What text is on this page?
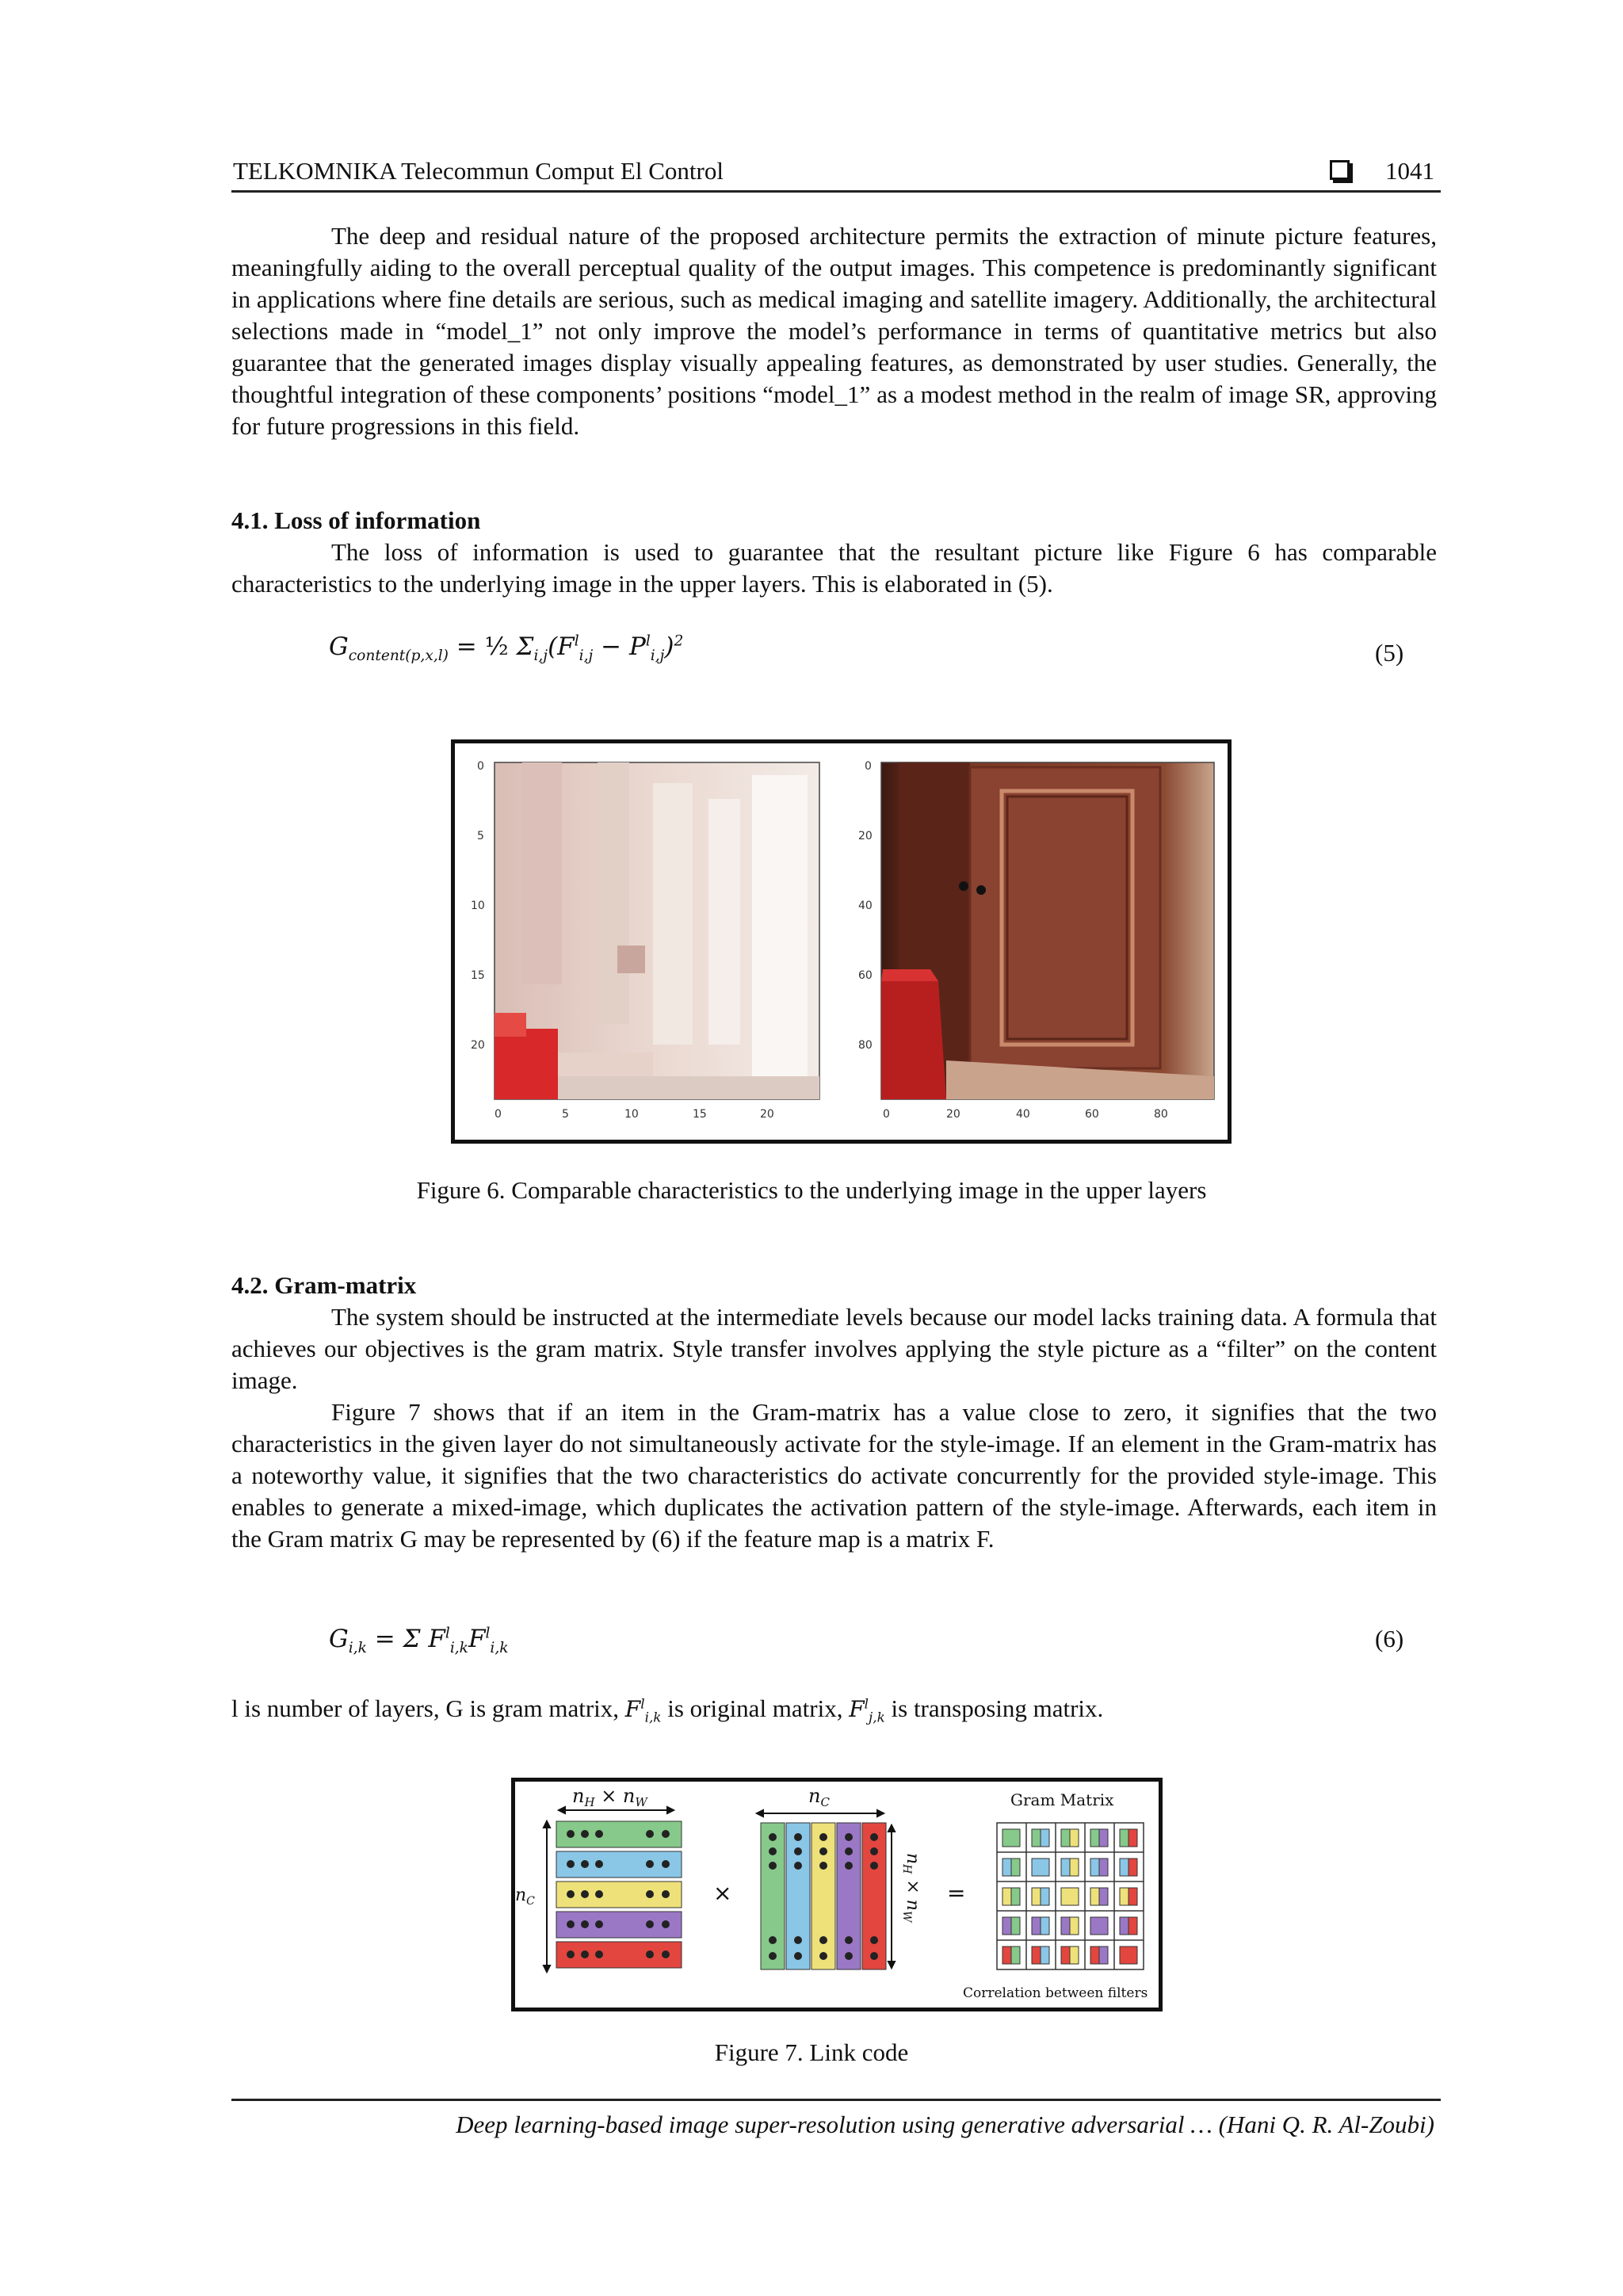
TELKOMNIKA Telecommun Comput El Control	1041

The deep and residual nature of the proposed architecture permits the extraction of minute picture features, meaningfully aiding to the overall perceptual quality of the output images. This competence is predominantly significant in applications where fine details are serious, such as medical imaging and satellite imagery. Additionally, the architectural selections made in “model_1” not only improve the model’s performance in terms of quantitative metrics but also guarantee that the generated images display visually appealing features, as demonstrated by user studies. Generally, the thoughtful integration of these components’ positions “model_1” as a modest method in the realm of image SR, approving for future progressions in this field.

4.1. Loss of information

The loss of information is used to guarantee that the resultant picture like Figure 6 has comparable characteristics to the underlying image in the upper layers. This is elaborated in (5).

$G_{content(p,x,l)}$ = ½ $\Sigma_{i,j}(F^l_{i,j} - P^l_{i,j})^2$	(5)
0
5
10
15
20
0	5	10	15	20
0
20
40
60
80
0	20	40	60	80
Figure 6. Comparable characteristics to the underlying image in the upper layers
4.2. Gram-matrix

The system should be instructed at the intermediate levels because our model lacks training data. A formula that achieves our objectives is the gram matrix. Style transfer involves applying the style picture as a “filter” on the content image.

Figure 7 shows that if an item in the Gram-matrix has a value close to zero, it signifies that the two characteristics in the given layer do not simultaneously activate for the style-image. If an element in the Gram-matrix has a noteworthy value, it signifies that the two characteristics do activate concurrently for the provided style-image. This enables to generate a mixed-image, which duplicates the activation pattern of the style-image. Afterwards, each item in the Gram matrix G may be represented by (6) if the feature map is a matrix F.

$G_{i,k} = \Sigma$ $F^l_{i,k}F^l_{i,k}$	(6)
l is number of layers, G is gram matrix, $F^l_{i,k}$ is original matrix, $F^l_{j,k}$ is transposing matrix.
$n_H \times n_W$
$n_C$
$n_C$
×
$n_H \times n_W$
=
Gram Matrix
Correlation between filters
Figure 7. Link code
Deep learning-based image super-resolution using generative adversarial … (Hani Q. R. Al-Zoubi)
